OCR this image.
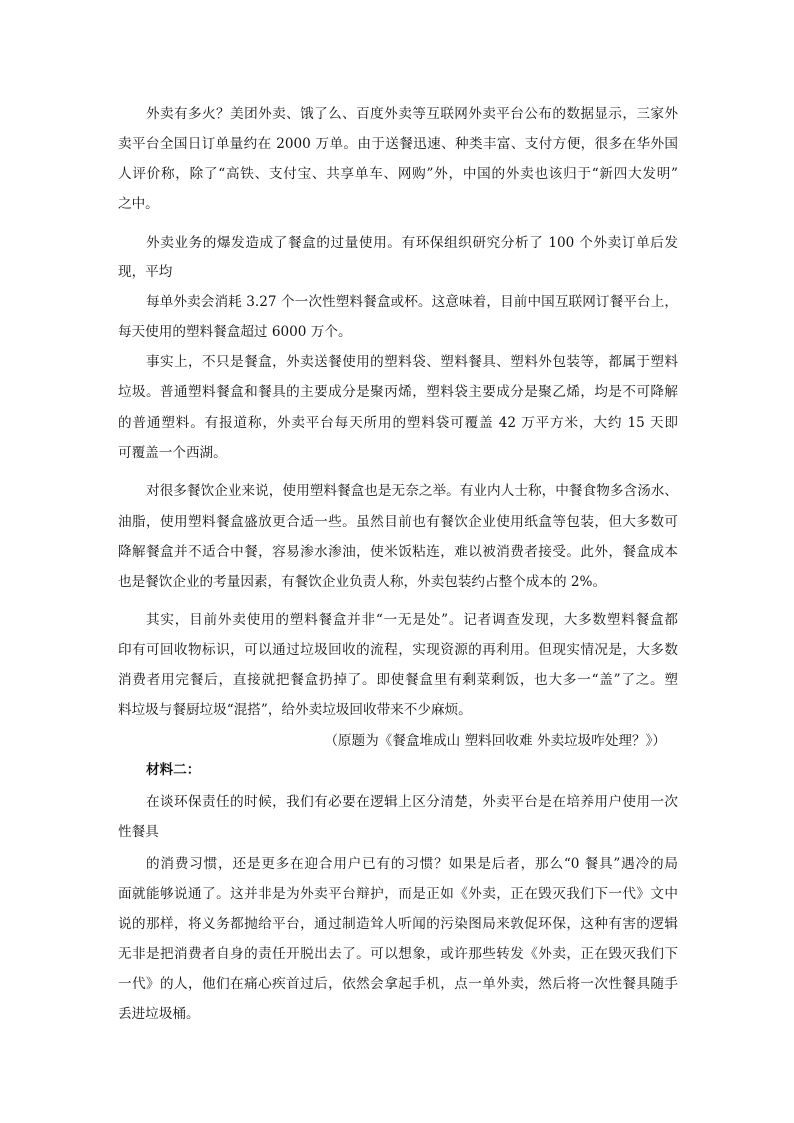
外卖有多火？美团外卖、饿了么、百度外卖等互联网外卖平台公布的数据显示，三家外
卖平台全国日订单量约在 2000 万单。由于送餐迅速、种类丰富、支付方便，很多在华外国
人评价称，除了“高铁、支付宝、共享单车、网购”外，中国的外卖也该归于“新四大发明”
之中。
外卖业务的爆发造成了餐盒的过量使用。有环保组织研究分析了 100 个外卖订单后发
现，平均
每单外卖会消耗 3.27 个一次性塑料餐盒或杯。这意味着，目前中国互联网订餐平台上，
每天使用的塑料餐盒超过 6000 万个。
事实上，不只是餐盒，外卖送餐使用的塑料袋、塑料餐具、塑料外包装等，都属于塑料
垃圾。普通塑料餐盒和餐具的主要成分是聚丙烯，塑料袋主要成分是聚乙烯，均是不可降解
的普通塑料。有报道称，外卖平台每天所用的塑料袋可覆盖 42 万平方米，大约 15 天即
可覆盖一个西湖。
对很多餐饮企业来说，使用塑料餐盒也是无奈之举。有业内人士称，中餐食物多含汤水、
油脂，使用塑料餐盒盛放更合适一些。虽然目前也有餐饮企业使用纸盒等包装，但大多数可
降解餐盒并不适合中餐，容易渗水渗油，使米饭粘连，难以被消费者接受。此外，餐盒成本
也是餐饮企业的考量因素，有餐饮企业负责人称，外卖包装约占整个成本的 2%。
其实，目前外卖使用的塑料餐盒并非“一无是处”。记者调查发现，大多数塑料餐盒都
印有可回收物标识，可以通过垃圾回收的流程，实现资源的再利用。但现实情况是，大多数
消费者用完餐后，直接就把餐盒扔掉了。即使餐盒里有剩菜剩饭，也大多一“盖”了之。塑
料垃圾与餐厨垃圾“混搭”，给外卖垃圾回收带来不少麻烦。
（原题为《餐盒堆成山 塑料回收难 外卖垃圾咋处理？》）
材料二：
在谈环保责任的时候，我们有必要在逻辑上区分清楚，外卖平台是在培养用户使用一次
性餐具
的消费习惯，还是更多在迎合用户已有的习惯？如果是后者，那么“0 餐具”遇冷的局
面就能够说通了。这并非是为外卖平台辩护，而是正如《外卖，正在毁灭我们下一代》文中
说的那样，将义务都抛给平台，通过制造耸人听闻的污染图局来敦促环保，这种有害的逻辑
无非是把消费者自身的责任开脱出去了。可以想象，或许那些转发《外卖，正在毁灭我们下
一代》的人，他们在痛心疾首过后，依然会拿起手机，点一单外卖，然后将一次性餐具随手
丢进垃圾桶。
